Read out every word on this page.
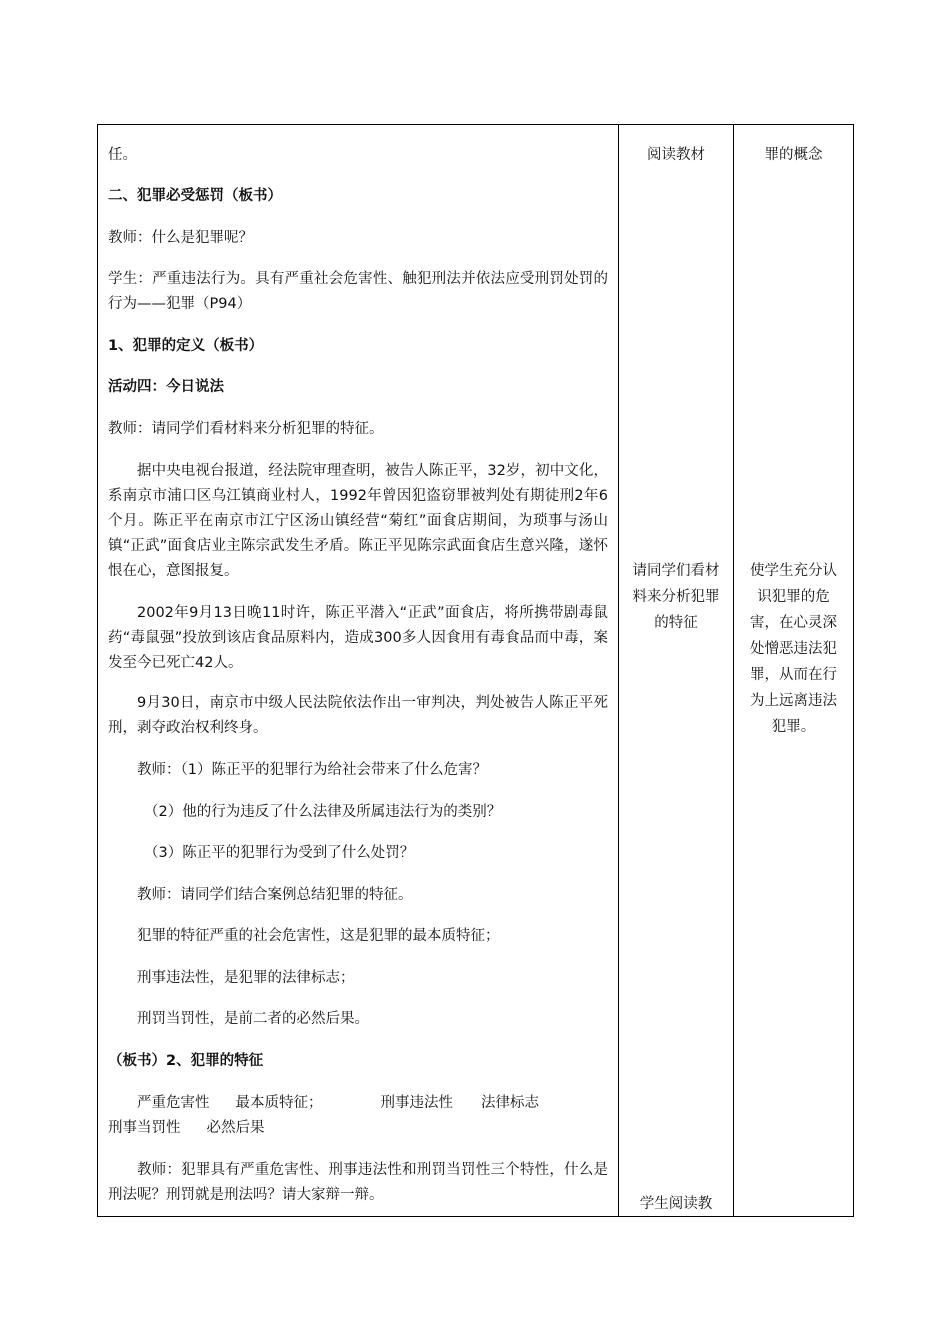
任。

二、犯罪必受惩罚（板书）

教师：什么是犯罪呢？

学生：严重违法行为。具有严重社会危害性、触犯刑法并依法应受刑罚处罚的行为——犯罪（P94）

1、犯罪的定义（板书）

活动四：今日说法

教师：请同学们看材料来分析犯罪的特征。

据中央电视台报道，经法院审理查明，被告人陈正平，32岁，初中文化，系南京市浦口区乌江镇商业村人，1992年曾因犯盗窃罪被判处有期徒刑2年6个月。陈正平在南京市江宁区汤山镇经营“菊红”面食店期间，为琐事与汤山镇“正武”面食店业主陈宗武发生矛盾。陈正平见陈宗武面食店生意兴隆，遂怀恨在心，意图报复。

2002年9月13日晚11时许，陈正平潜入“正武”面食店，将所携带剧毒鼠药“毒鼠强”投放到该店食品原料内，造成300多人因食用有毒食品而中毒，案发至今已死亡42人。

9月30日，南京市中级人民法院依法作出一审判决，判处被告人陈正平死刑，剥夺政治权利终身。

教师：（1）陈正平的犯罪行为给社会带来了什么危害？

（2）他的行为违反了什么法律及所属违法行为的类别？

（3）陈正平的犯罪行为受到了什么处罚？

教师：请同学们结合案例总结犯罪的特征。

犯罪的特征严重的社会危害性，这是犯罪的最本质特征；

刑事违法性，是犯罪的法律标志；

刑罚当罚性，是前二者的必然后果。

（板书）2、犯罪的特征

严重危害性 最本质特征；	刑事违法性 法律标志

刑事当罚性 必然后果

教师：犯罪具有严重危害性、刑事违法性和刑罚当罚性三个特性，什么是刑法呢？刑罚就是刑法吗？请大家辩一辩。

阅读教材
请同学们看材料来分析犯罪的特征
学生阅读教
罪的概念
使学生充分认识犯罪的危害，在心灵深处憎恶违法犯罪，从而在行为上远离违法犯罪。
